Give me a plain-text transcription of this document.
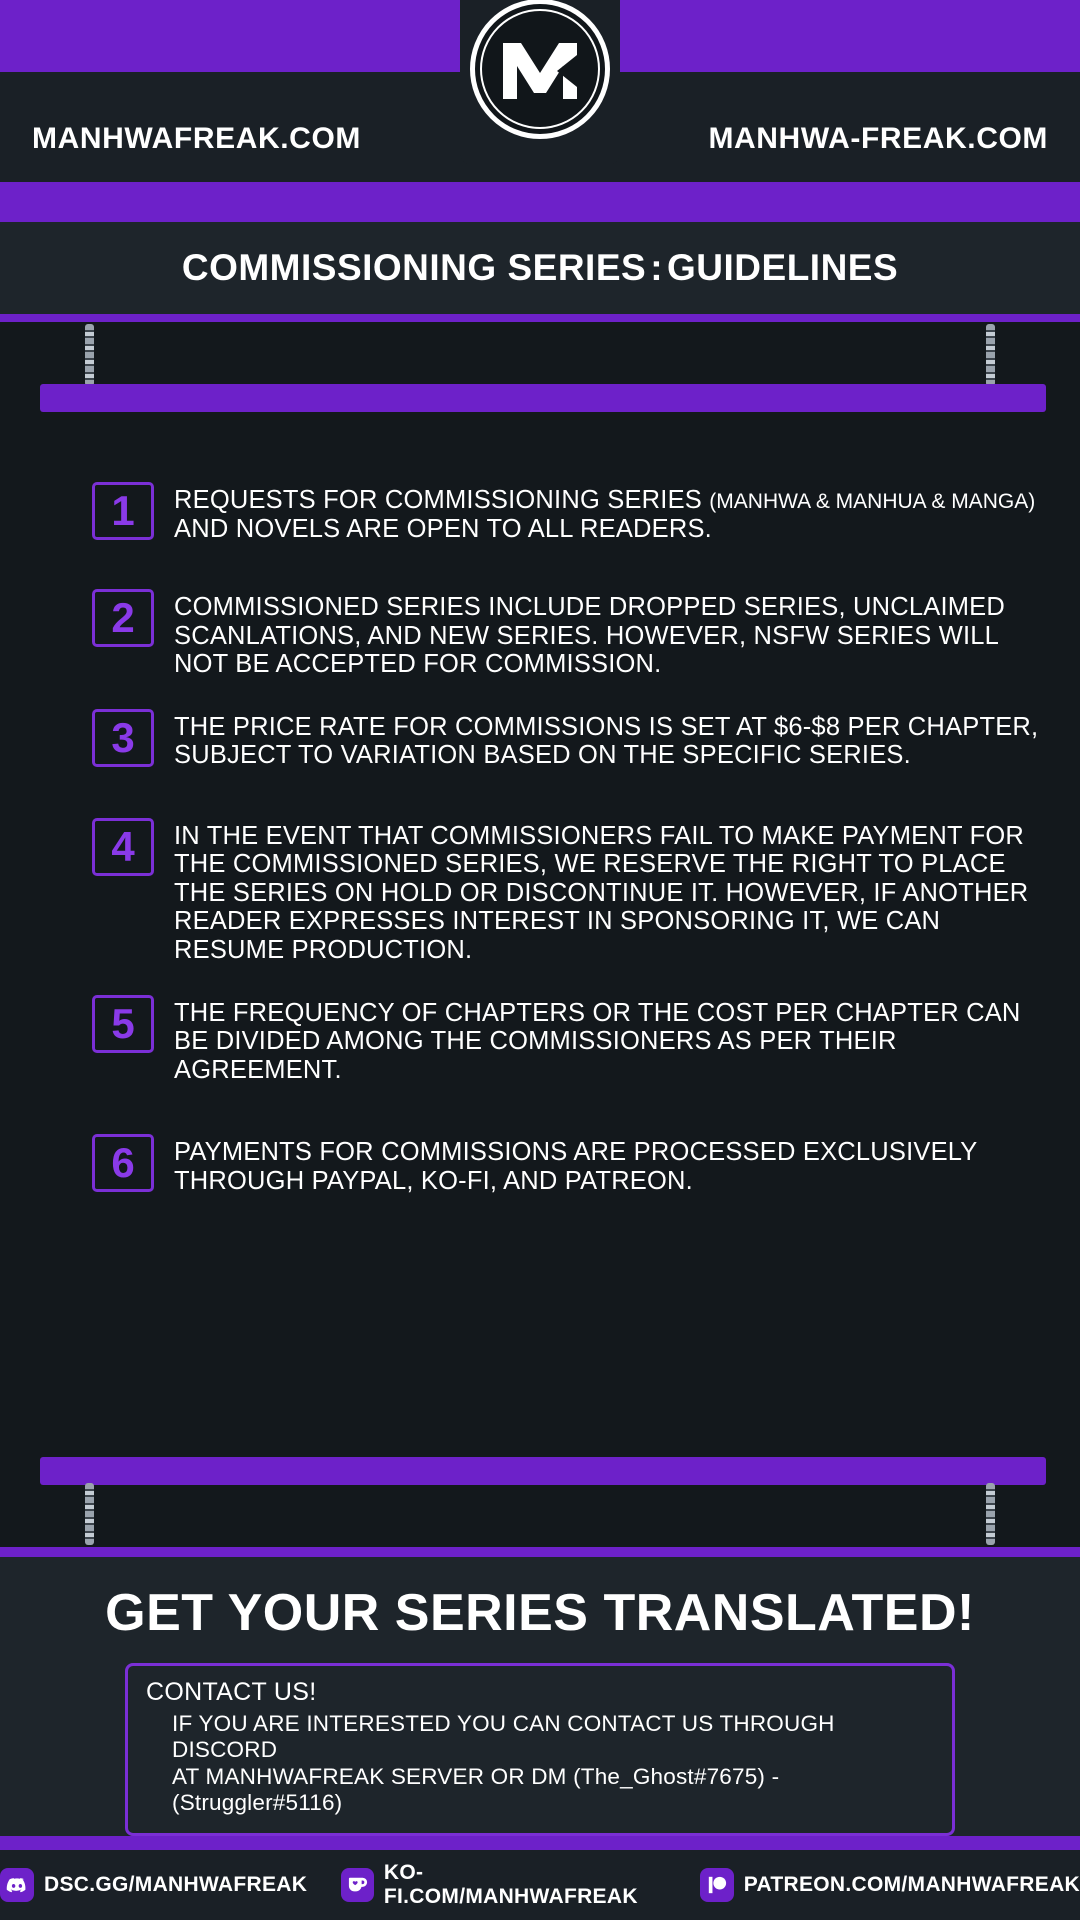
MANHWAFREAK.COM	MANHWA-FREAK.COM
COMMISSIONING SERIES : GUIDELINES
1	REQUESTS FOR COMMISSIONING SERIES (MANHWA & MANHUA & MANGA) AND NOVELS ARE OPEN TO ALL READERS.
2	COMMISSIONED SERIES INCLUDE DROPPED SERIES, UNCLAIMED SCANLATIONS, AND NEW SERIES. HOWEVER, NSFW SERIES WILL NOT BE ACCEPTED FOR COMMISSION.
3	THE PRICE RATE FOR COMMISSIONS IS SET AT $6-$8 PER CHAPTER, SUBJECT TO VARIATION BASED ON THE SPECIFIC SERIES.
4	IN THE EVENT THAT COMMISSIONERS FAIL TO MAKE PAYMENT FOR THE COMMISSIONED SERIES, WE RESERVE THE RIGHT TO PLACE THE SERIES ON HOLD OR DISCONTINUE IT. HOWEVER, IF ANOTHER READER EXPRESSES INTEREST IN SPONSORING IT, WE CAN RESUME PRODUCTION.
5	THE FREQUENCY OF CHAPTERS OR THE COST PER CHAPTER CAN BE DIVIDED AMONG THE COMMISSIONERS AS PER THEIR AGREEMENT.
6	PAYMENTS FOR COMMISSIONS ARE PROCESSED EXCLUSIVELY THROUGH PAYPAL, KO-FI, AND PATREON.
GET YOUR SERIES TRANSLATED!
CONTACT US!
IF YOU ARE INTERESTED YOU CAN CONTACT US THROUGH DISCORD
AT MANHWAFREAK SERVER OR DM (The_Ghost#7675) - (Struggler#5116)
DSC.GG/MANHWAFREAK
KO-FI.COM/MANHWAFREAK
PATREON.COM/MANHWAFREAK
